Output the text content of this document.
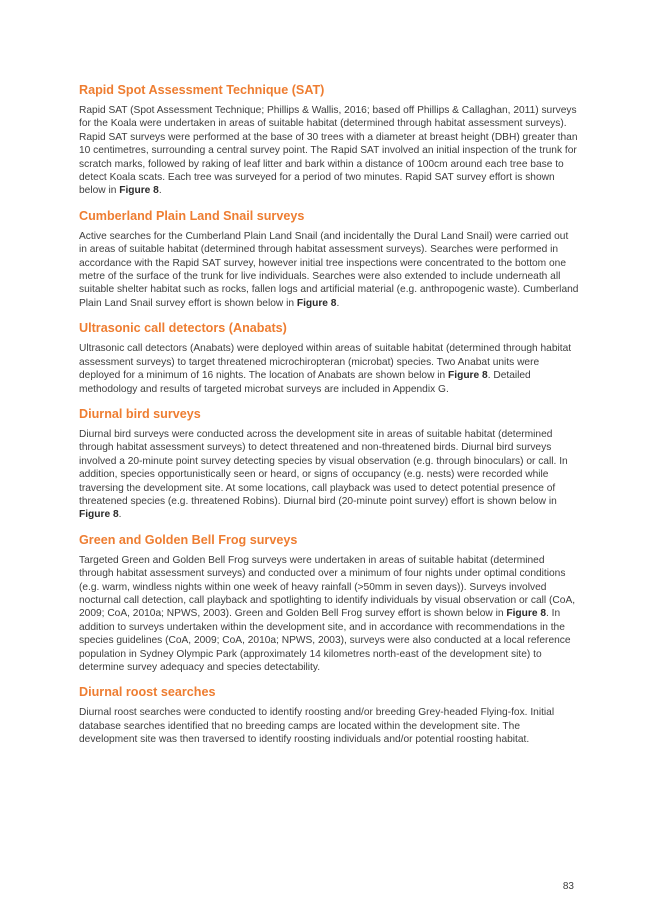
Rapid Spot Assessment Technique (SAT)

Rapid SAT (Spot Assessment Technique; Phillips & Wallis, 2016; based off Phillips & Callaghan, 2011) surveys for the Koala were undertaken in areas of suitable habitat (determined through habitat assessment surveys). Rapid SAT surveys were performed at the base of 30 trees with a diameter at breast height (DBH) greater than 10 centimetres, surrounding a central survey point. The Rapid SAT involved an initial inspection of the trunk for scratch marks, followed by raking of leaf litter and bark within a distance of 100cm around each tree base to detect Koala scats. Each tree was surveyed for a period of two minutes. Rapid SAT survey effort is shown below in Figure 8.

Cumberland Plain Land Snail surveys

Active searches for the Cumberland Plain Land Snail (and incidentally the Dural Land Snail) were carried out in areas of suitable habitat (determined through habitat assessment surveys). Searches were performed in accordance with the Rapid SAT survey, however initial tree inspections were concentrated to the bottom one metre of the surface of the trunk for live individuals. Searches were also extended to include underneath all suitable shelter habitat such as rocks, fallen logs and artificial material (e.g. anthropogenic waste). Cumberland Plain Land Snail survey effort is shown below in Figure 8.

Ultrasonic call detectors (Anabats)

Ultrasonic call detectors (Anabats) were deployed within areas of suitable habitat (determined through habitat assessment surveys) to target threatened microchiropteran (microbat) species. Two Anabat units were deployed for a minimum of 16 nights. The location of Anabats are shown below in Figure 8. Detailed methodology and results of targeted microbat surveys are included in Appendix G.

Diurnal bird surveys

Diurnal bird surveys were conducted across the development site in areas of suitable habitat (determined through habitat assessment surveys) to detect threatened and non-threatened birds. Diurnal bird surveys involved a 20-minute point survey detecting species by visual observation (e.g. through binoculars) or call. In addition, species opportunistically seen or heard, or signs of occupancy (e.g. nests) were recorded while traversing the development site. At some locations, call playback was used to detect potential presence of threatened species (e.g. threatened Robins). Diurnal bird (20-minute point survey) effort is shown below in Figure 8.

Green and Golden Bell Frog surveys

Targeted Green and Golden Bell Frog surveys were undertaken in areas of suitable habitat (determined through habitat assessment surveys) and conducted over a minimum of four nights under optimal conditions (e.g. warm, windless nights within one week of heavy rainfall (>50mm in seven days)). Surveys involved nocturnal call detection, call playback and spotlighting to identify individuals by visual observation or call (CoA, 2009; CoA, 2010a; NPWS, 2003). Green and Golden Bell Frog survey effort is shown below in Figure 8. In addition to surveys undertaken within the development site, and in accordance with recommendations in the species guidelines (CoA, 2009; CoA, 2010a; NPWS, 2003), surveys were also conducted at a local reference population in Sydney Olympic Park (approximately 14 kilometres north-east of the development site) to determine survey adequacy and species detectability.

Diurnal roost searches

Diurnal roost searches were conducted to identify roosting and/or breeding Grey-headed Flying-fox. Initial database searches identified that no breeding camps are located within the development site. The development site was then traversed to identify roosting individuals and/or potential roosting habitat.

83
